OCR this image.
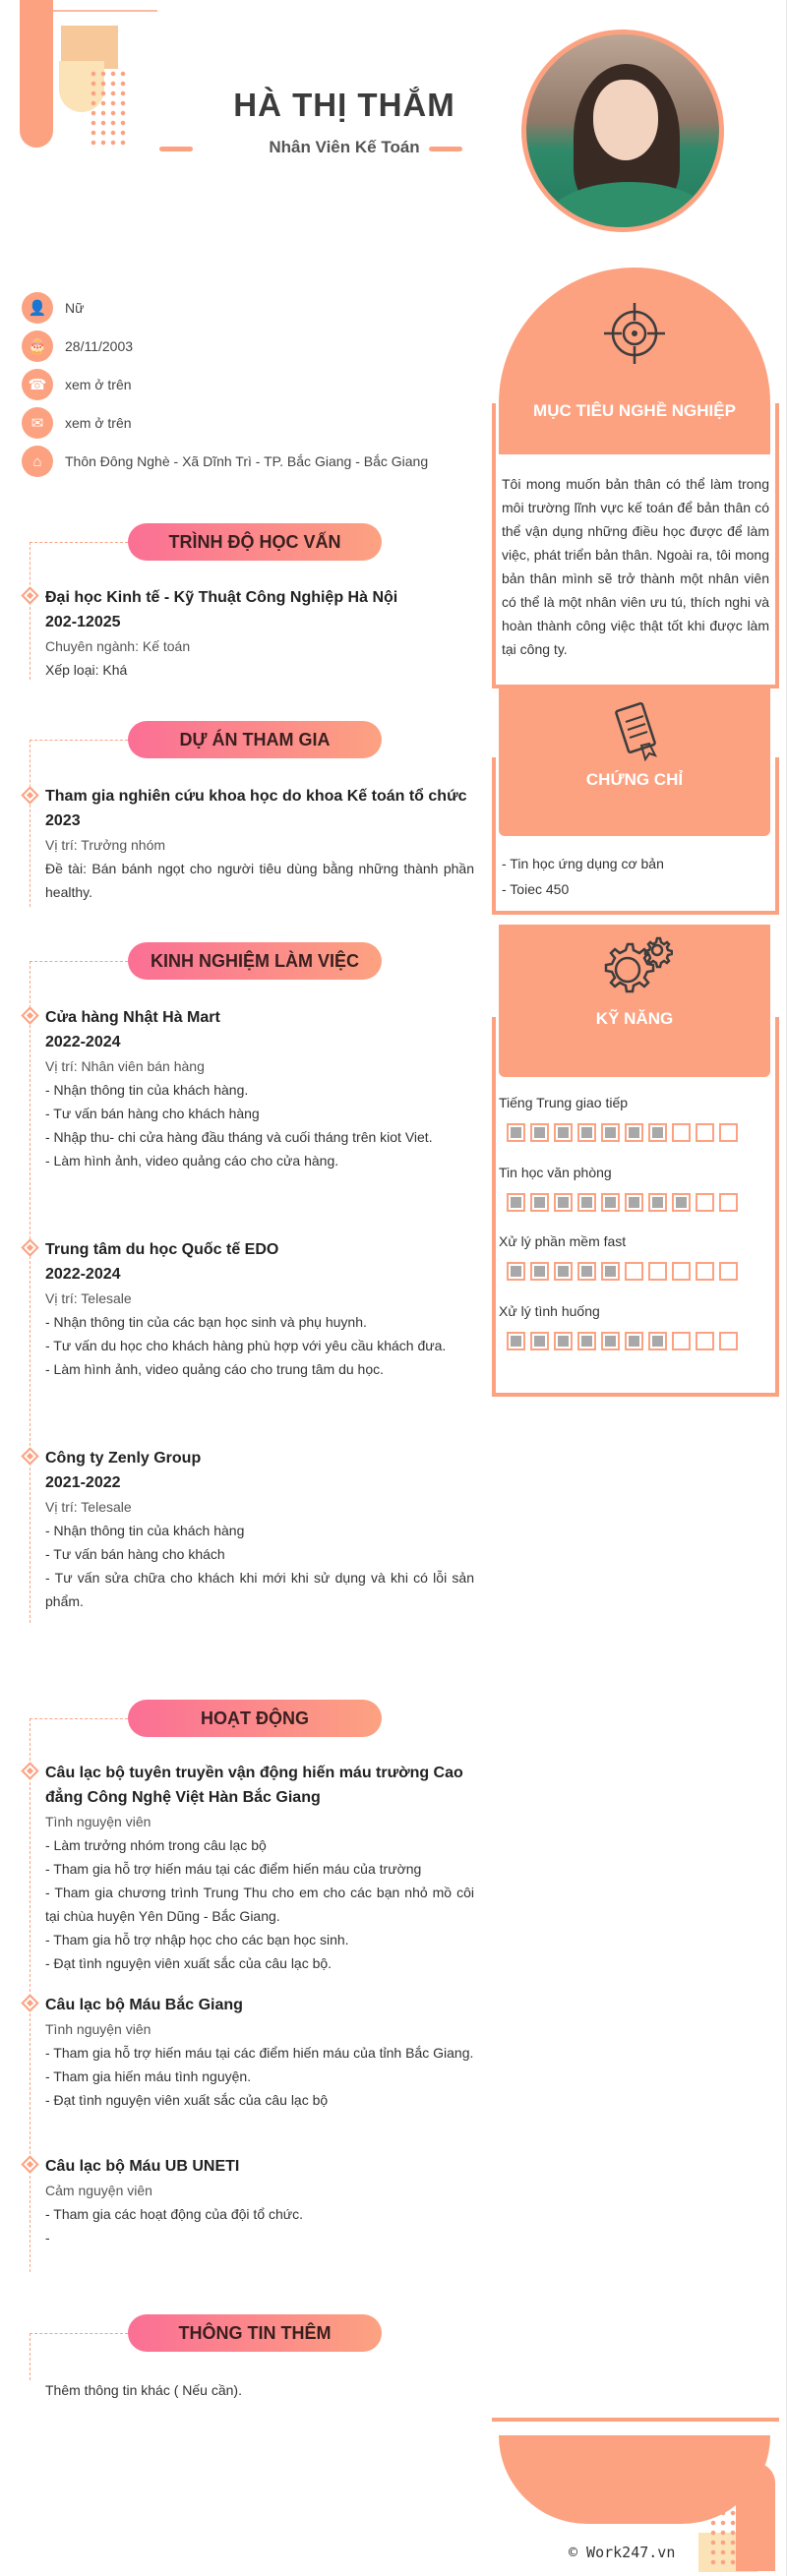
HÀ THỊ THẮM
Nhân Viên Kế Toán
👤	Nữ
🎂	28/11/2003
☎	xem ở trên
✉	xem ở trên
⌂	Thôn Đông Nghè - Xã Dĩnh Trì - TP. Bắc Giang - Bắc Giang
TRÌNH ĐỘ HỌC VẤN
Đại học Kinh tế - Kỹ Thuật Công Nghiệp Hà Nội
202-12025
Chuyên ngành: Kế toán
Xếp loại: Khá
DỰ ÁN THAM GIA
Tham gia nghiên cứu khoa học do khoa Kế toán tổ chức
2023
Vị trí: Trưởng nhóm
Đề tài: Bán bánh ngọt cho người tiêu dùng bằng những thành phần healthy.
KINH NGHIỆM LÀM VIỆC
Cửa hàng Nhật Hà Mart
2022-2024
Vị trí: Nhân viên bán hàng
- Nhận thông tin của khách hàng.
- Tư vấn bán hàng cho khách hàng
- Nhập thu- chi cửa hàng đầu tháng và cuối tháng trên kiot Viet.
- Làm hình ảnh, video quảng cáo cho cửa hàng.
Trung tâm du học Quốc tế EDO
2022-2024
Vị trí: Telesale
- Nhận thông tin của các bạn học sinh và phụ huynh.
- Tư vấn du học cho khách hàng phù hợp với yêu cầu khách đưa.
- Làm hình ảnh, video quảng cáo cho trung tâm du học.
Công ty Zenly Group
2021-2022
Vị trí: Telesale
- Nhận thông tin của khách hàng
- Tư vấn bán hàng cho khách
- Tư vấn sửa chữa cho khách khi mới khi sử dụng và khi có lỗi sản phẩm.
HOẠT ĐỘNG
Câu lạc bộ tuyên truyền vận động hiến máu trường Cao đẳng Công Nghệ Việt Hàn Bắc Giang
Tình nguyện viên
- Làm trưởng nhóm trong câu lạc bộ
- Tham gia hỗ trợ hiến máu tại các điểm hiến máu của trường
- Tham gia chương trình Trung Thu cho em cho các bạn nhỏ mồ côi tại chùa huyện Yên Dũng - Bắc Giang.
- Tham gia hỗ trợ nhập học cho các bạn học sinh.
- Đạt tình nguyện viên xuất sắc của câu lạc bộ.
Câu lạc bộ Máu Bắc Giang
Tình nguyện viên
- Tham gia hỗ trợ hiến máu tại các điểm hiến máu của tỉnh Bắc Giang.
- Tham gia hiến máu tình nguyện.
- Đạt tình nguyện viên xuất sắc của câu lạc bộ
Câu lạc bộ Máu UB UNETI
Cảm nguyện viên
- Tham gia các hoạt động của đội tổ chức.
-
THÔNG TIN THÊM
Thêm thông tin khác ( Nếu cần).
MỤC TIÊU NGHỀ NGHIỆP
Tôi mong muốn bản thân có thể làm trong môi trường lĩnh vực kế toán để bản thân có thể vận dụng những điều học được để làm việc, phát triển bản thân. Ngoài ra, tôi mong bản thân mình sẽ trở thành một nhân viên có thể là một nhân viên ưu tú, thích nghi và hoàn thành công việc thật tốt khi được làm tại công ty.
CHỨNG CHỈ
- Tin học ứng dụng cơ bản
- Toiec 450
KỸ NĂNG
Tiếng Trung giao tiếp
Tin học văn phòng
Xử lý phần mềm fast
Xử lý tình huống
© Work247.vn
